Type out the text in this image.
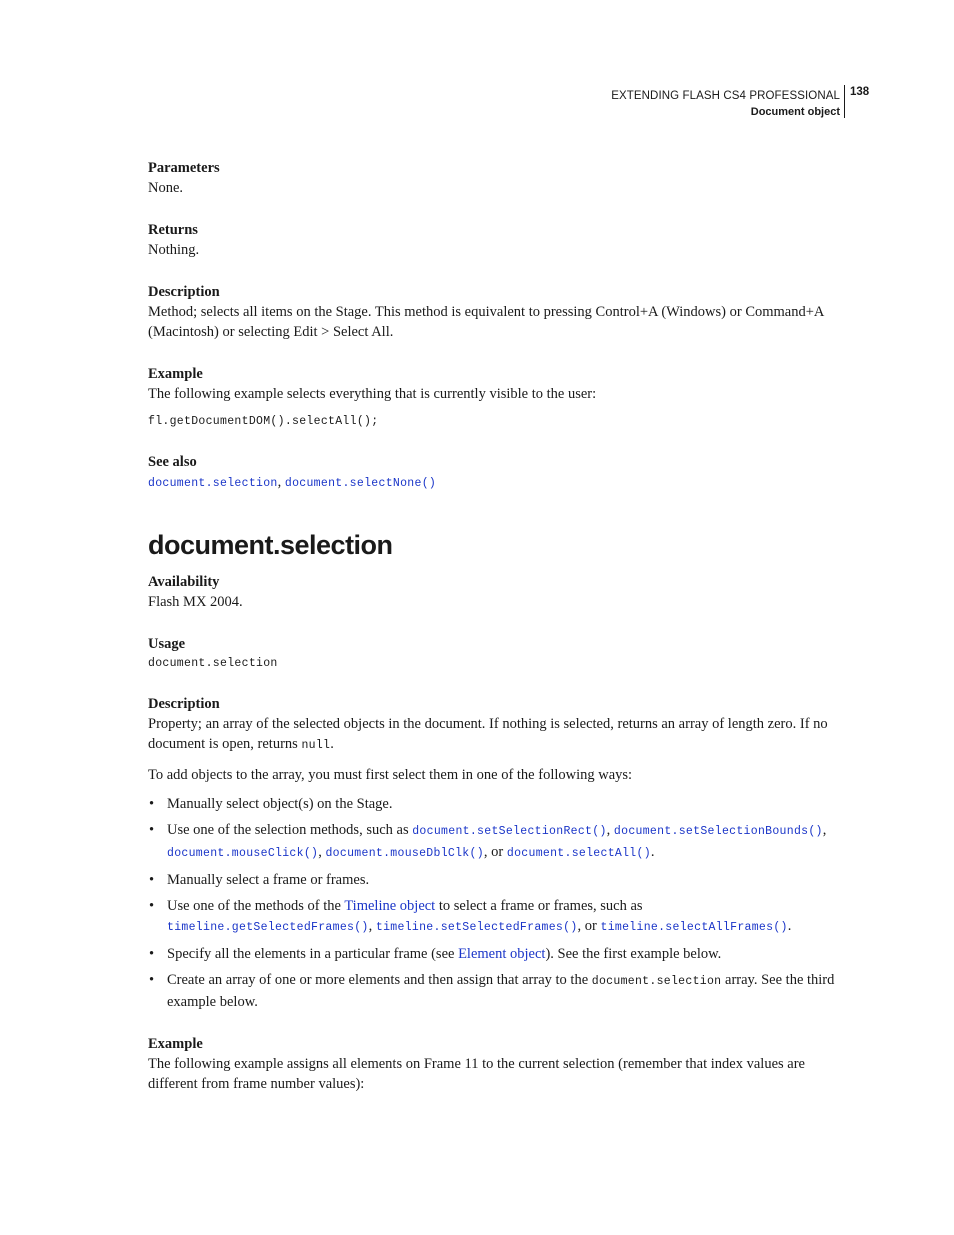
EXTENDING FLASH CS4 PROFESSIONAL
Document object
138

Parameters

None.

Returns

Nothing.

Description

Method; selects all items on the Stage. This method is equivalent to pressing Control+A (Windows) or Command+A (Macintosh) or selecting Edit > Select All.

Example

The following example selects everything that is currently visible to the user:

fl.getDocumentDOM().selectAll();

See also

document.selection, document.selectNone()

document.selection

Availability

Flash MX 2004.

Usage

document.selection

Description

Property; an array of the selected objects in the document. If nothing is selected, returns an array of length zero. If no document is open, returns null.

To add objects to the array, you must first select them in one of the following ways:

• Manually select object(s) on the Stage.
• Use one of the selection methods, such as document.setSelectionRect(), document.setSelectionBounds(), document.mouseClick(), document.mouseDblClk(), or document.selectAll().
• Manually select a frame or frames.
• Use one of the methods of the Timeline object to select a frame or frames, such as timeline.getSelectedFrames(), timeline.setSelectedFrames(), or timeline.selectAllFrames().
• Specify all the elements in a particular frame (see Element object). See the first example below.
• Create an array of one or more elements and then assign that array to the document.selection array. See the third example below.

Example

The following example assigns all elements on Frame 11 to the current selection (remember that index values are different from frame number values):
